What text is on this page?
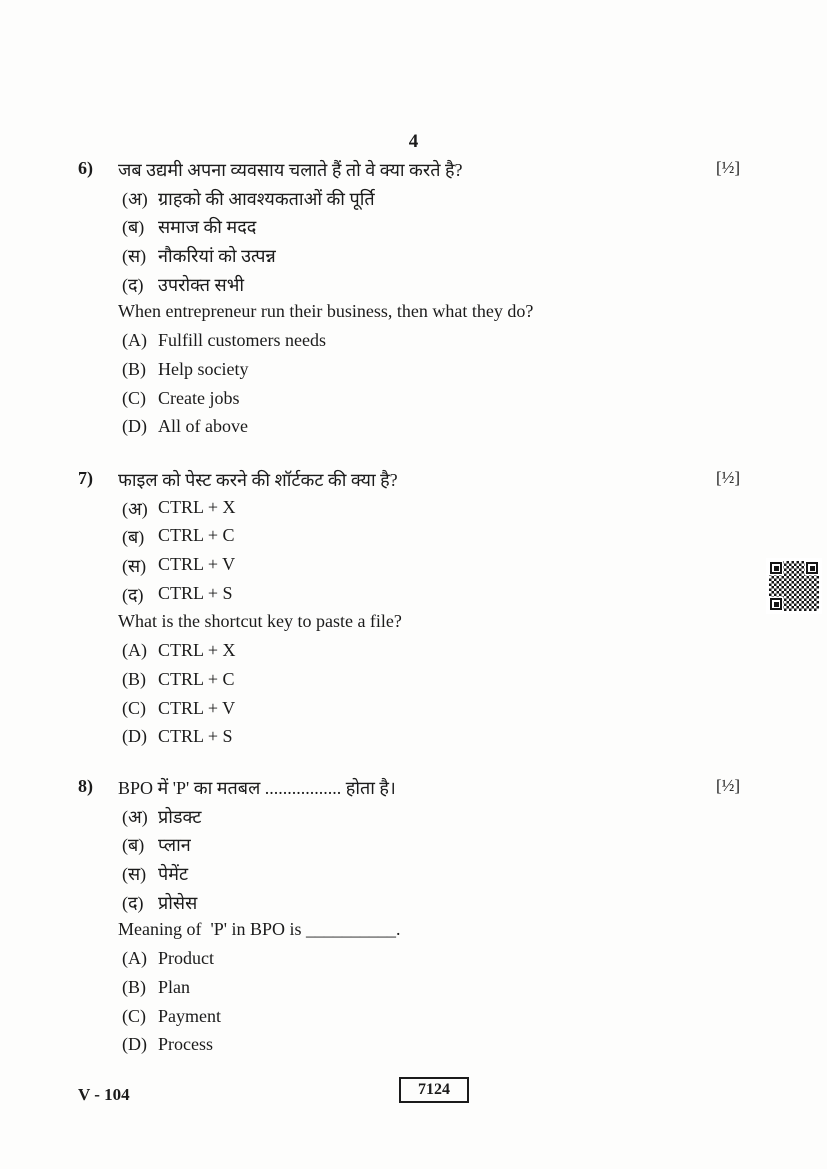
4
6) जब उद्यमी अपना व्यवसाय चलाते हैं तो वे क्या करते है?	[½]
(अ) ग्राहको की आवश्यकताओं की पूर्ति
(ब) समाज की मदद
(स) नौकरियां को उत्पन्न
(द) उपरोक्त सभी
When entrepreneur run their business, then what they do?
(A) Fulfill customers needs
(B) Help society
(C) Create jobs
(D) All of above
7) फाइल को पेस्ट करने की शॉर्टकट की क्या है?	[½]
(अ) CTRL + X
(ब) CTRL + C
(स) CTRL + V
(द) CTRL + S
What is the shortcut key to paste a file?
(A) CTRL + X
(B) CTRL + C
(C) CTRL + V
(D) CTRL + S
8) BPO में 'P' का मतबल ................. होता है।	[½]
(अ) प्रोडक्ट
(ब) प्लान
(स) पेमेंट
(द) प्रोसेस
Meaning of  'P' in BPO is __________.
(A) Product
(B) Plan
(C) Payment
(D) Process
V - 104	7124
